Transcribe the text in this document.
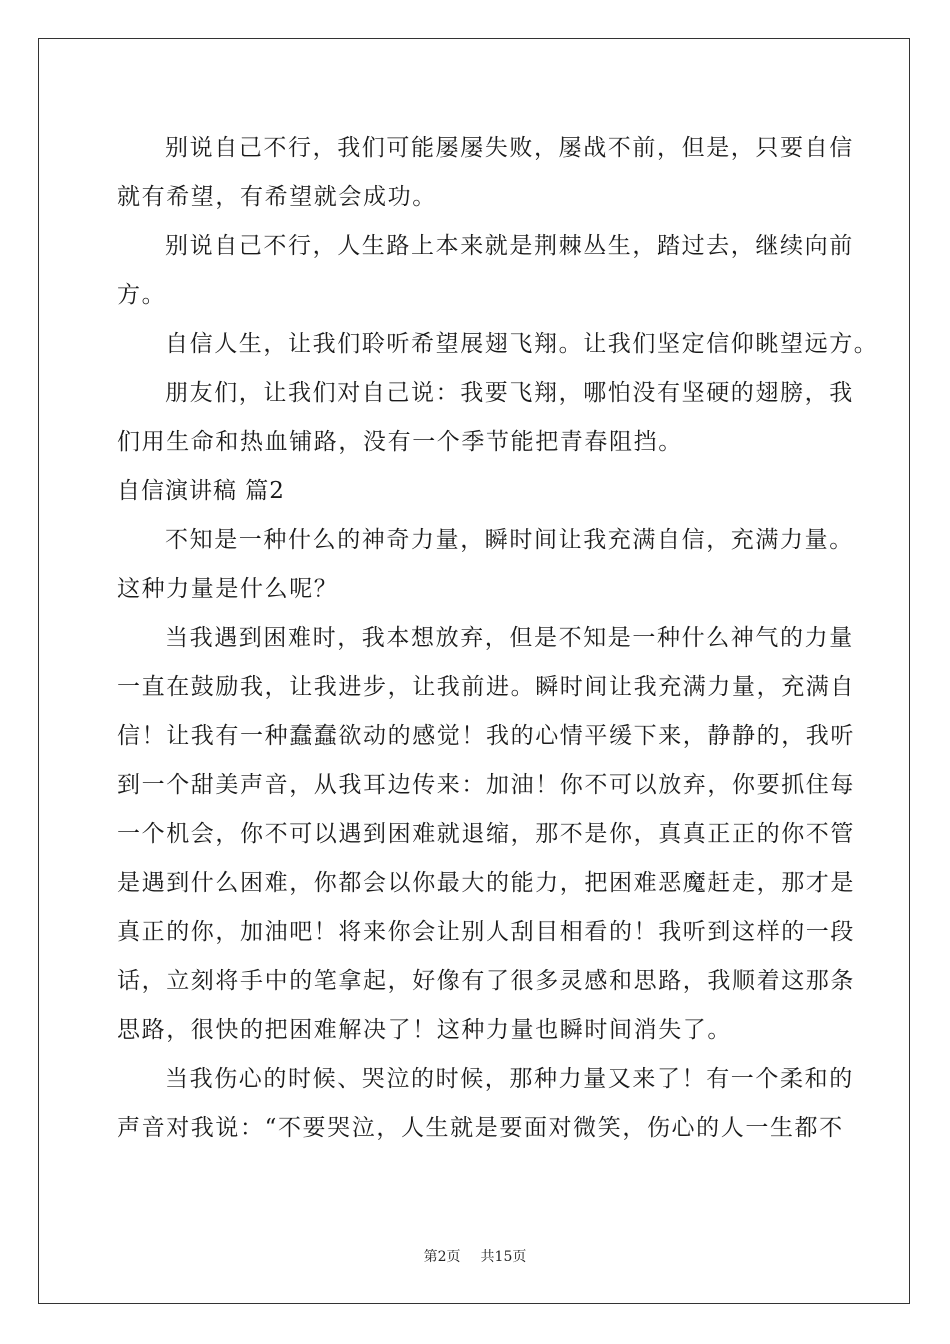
别说自己不行，我们可能屡屡失败，屡战不前，但是，只要自信
就有希望，有希望就会成功。
别说自己不行，人生路上本来就是荆棘丛生，踏过去，继续向前
方。
自信人生，让我们聆听希望展翅飞翔。让我们坚定信仰眺望远方。
朋友们，让我们对自己说：我要飞翔，哪怕没有坚硬的翅膀，我
们用生命和热血铺路，没有一个季节能把青春阻挡。
自信演讲稿 篇2
不知是一种什么的神奇力量，瞬时间让我充满自信，充满力量。
这种力量是什么呢？
当我遇到困难时，我本想放弃，但是不知是一种什么神气的力量
一直在鼓励我，让我进步，让我前进。瞬时间让我充满力量，充满自
信！让我有一种蠢蠢欲动的感觉！我的心情平缓下来，静静的，我听
到一个甜美声音，从我耳边传来：加油！你不可以放弃，你要抓住每
一个机会，你不可以遇到困难就退缩，那不是你，真真正正的你不管
是遇到什么困难，你都会以你最大的能力，把困难恶魔赶走，那才是
真正的你，加油吧！将来你会让别人刮目相看的！我听到这样的一段
话，立刻将手中的笔拿起，好像有了很多灵感和思路，我顺着这那条
思路，很快的把困难解决了！这种力量也瞬时间消失了。
当我伤心的时候、哭泣的时候，那种力量又来了！有一个柔和的
声音对我说：“不要哭泣，人生就是要面对微笑，伤心的人一生都不
第2页 共15页
